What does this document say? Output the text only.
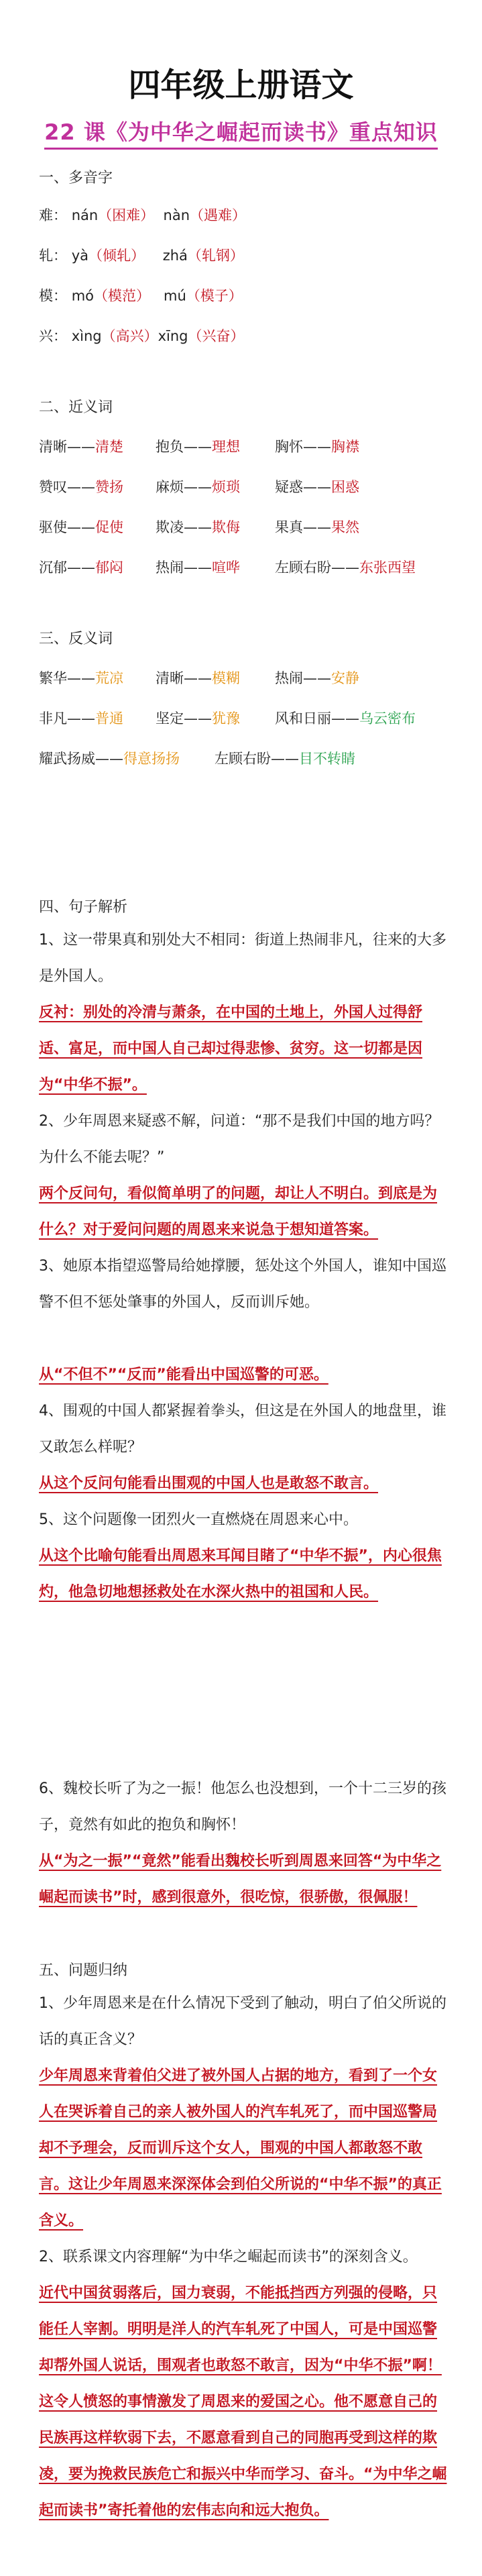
四年级上册语文
22 课《为中华之崛起而读书》重点知识
一、多音字
难： nán（困难） nàn（遇难）
轧： yà（倾轧） zhá（轧钢）
模： mó（模范） mú（模子）
兴： xìng（高兴）xīng（兴奋）
二、近义词
清晰——清楚 抱负——理想 胸怀——胸襟
赞叹——赞扬 麻烦——烦琐 疑惑——困惑
驱使——促使 欺凌——欺侮 果真——果然
沉郁——郁闷 热闹——喧哗 左顾右盼——东张西望
三、反义词
繁华——荒凉 清晰——模糊 热闹——安静
非凡——普通 坚定——犹豫 风和日丽——乌云密布
耀武扬威——得意扬扬 左顾右盼——目不转睛
四、句子解析
1、这一带果真和别处大不相同：街道上热闹非凡，往来的大多是外国人。
反衬：别处的冷清与萧条，在中国的土地上，外国人过得舒适、富足，而中国人自己却过得悲惨、贫穷。这一切都是因为“中华不振”。
2、少年周恩来疑惑不解，问道：“那不是我们中国的地方吗？为什么不能去呢？”
两个反问句，看似简单明了的问题，却让人不明白。到底是为什么？对于爱问问题的周恩来来说急于想知道答案。
3、她原本指望巡警局给她撑腰，惩处这个外国人，谁知中国巡警不但不惩处肇事的外国人，反而训斥她。
从“不但不”“反而”能看出中国巡警的可恶。
4、围观的中国人都紧握着拳头，但这是在外国人的地盘里，谁又敢怎么样呢？
从这个反问句能看出围观的中国人也是敢怒不敢言。
5、这个问题像一团烈火一直燃烧在周恩来心中。
从这个比喻句能看出周恩来耳闻目睹了“中华不振”，内心很焦灼，他急切地想拯救处在水深火热中的祖国和人民。
6、魏校长听了为之一振！他怎么也没想到，一个十二三岁的孩子，竟然有如此的抱负和胸怀！
从“为之一振”“竟然”能看出魏校长听到周恩来回答“为中华之崛起而读书”时，感到很意外，很吃惊，很骄傲，很佩服！
五、问题归纳
1、少年周恩来是在什么情况下受到了触动，明白了伯父所说的话的真正含义？
少年周恩来背着伯父进了被外国人占据的地方，看到了一个女人在哭诉着自己的亲人被外国人的汽车轧死了，而中国巡警局却不予理会，反而训斥这个女人，围观的中国人都敢怒不敢言。这让少年周恩来深深体会到伯父所说的“中华不振”的真正含义。
2、联系课文内容理解“为中华之崛起而读书”的深刻含义。
近代中国贫弱落后，国力衰弱，不能抵挡西方列强的侵略，只能任人宰割。明明是洋人的汽车轧死了中国人，可是中国巡警却帮外国人说话，围观者也敢怒不敢言，因为“中华不振”啊！这令人愤怒的事情激发了周恩来的爱国之心。他不愿意自己的民族再这样软弱下去，不愿意看到自己的同胞再受到这样的欺凌，要为挽救民族危亡和振兴中华而学习、奋斗。“为中华之崛起而读书”寄托着他的宏伟志向和远大抱负。
